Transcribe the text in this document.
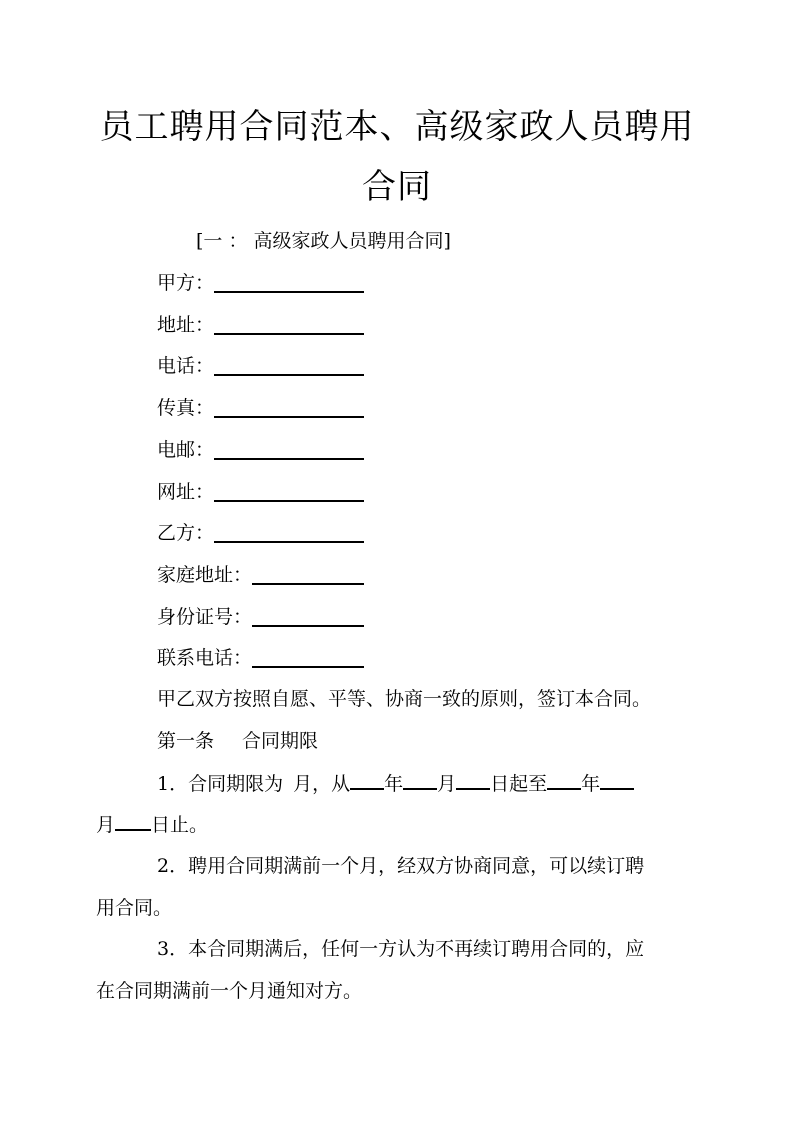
员工聘用合同范本、高级家政人员聘用
合同
[一 ： 高级家政人员聘用合同]
甲方：
地址：
电话：
传真：
电邮：
网址：
乙方：
家庭地址：
身份证号：
联系电话：
甲乙双方按照自愿、平等、协商一致的原则，签订本合同。
第一条 合同期限
1．合同期限为 月，从 年 月 日起至 年
月 日止。
2．聘用合同期满前一个月，经双方协商同意，可以续订聘
用合同。
3．本合同期满后，任何一方认为不再续订聘用合同的，应
在合同期满前一个月通知对方。
